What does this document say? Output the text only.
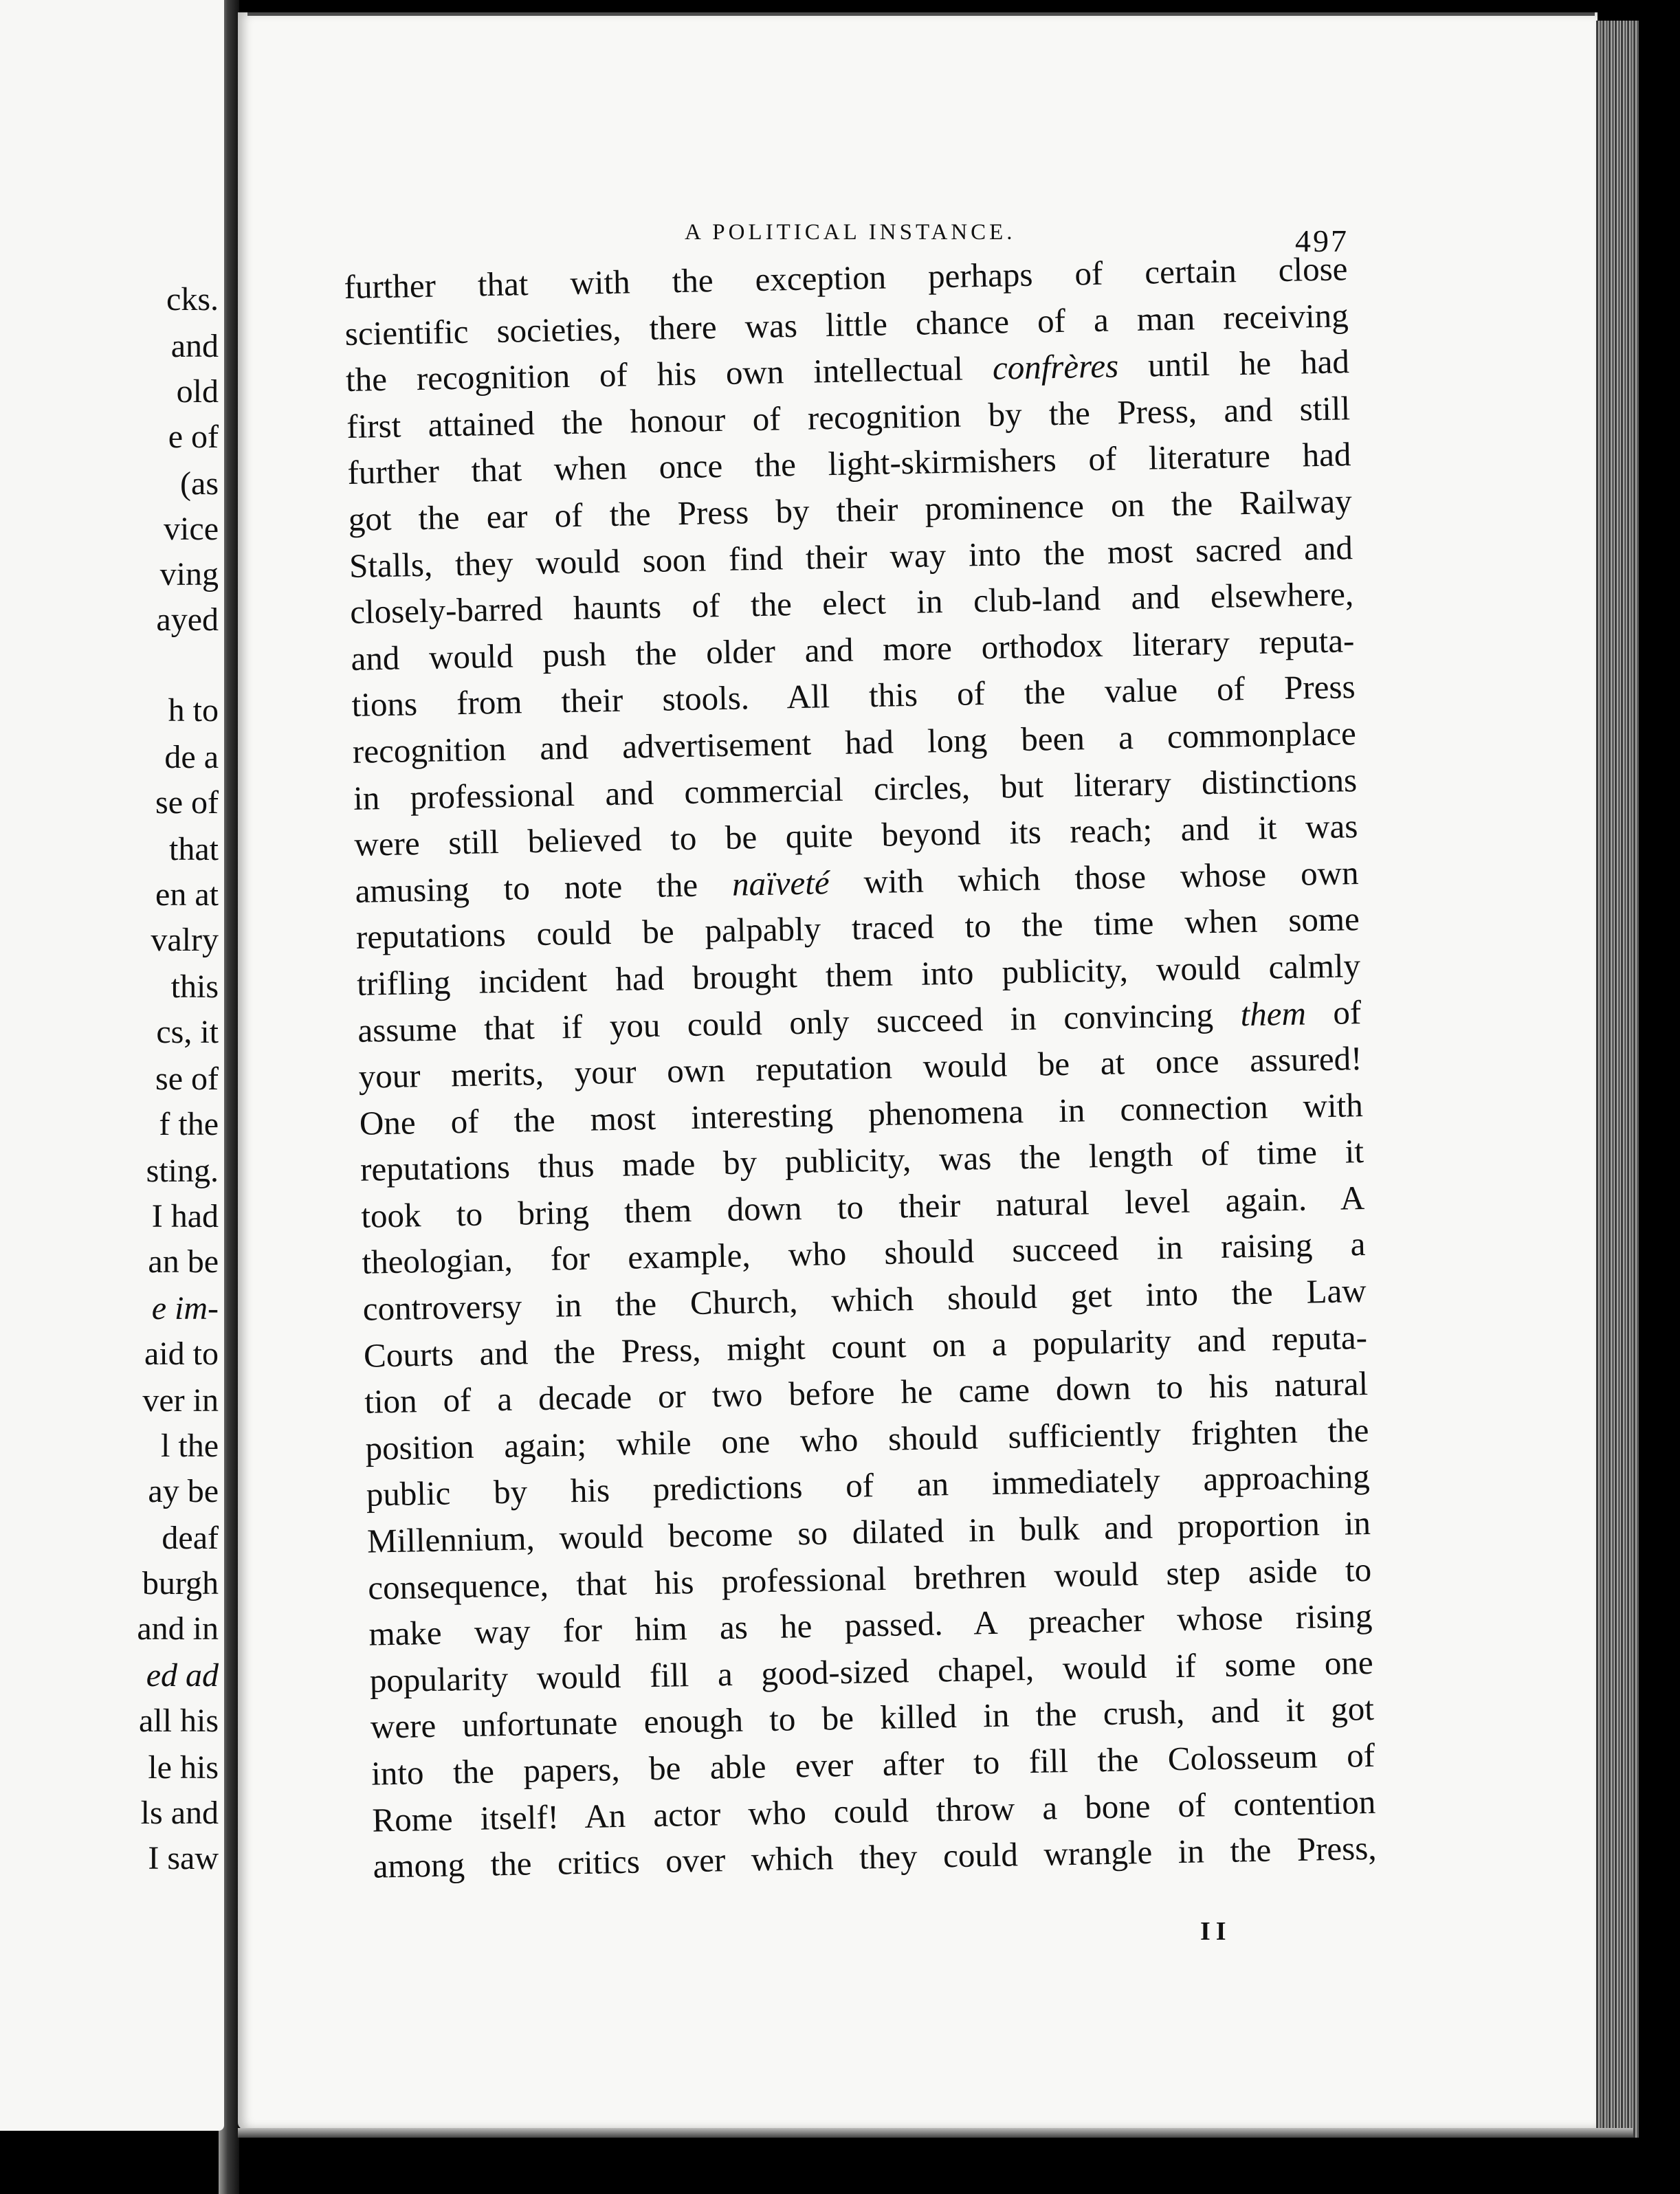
cks.
and
old
e of
(as
vice
ving
ayed
h to
de a
se of
that
en at
valry
this
cs, it
se of
f the
sting.
I had
an be
e im-
aid to
ver in
l the
ay be
deaf
burgh
and in
ed ad
all his
le his
ls and
I saw
A POLITICAL INSTANCE.	497
further that with the exception perhaps of certain close
scientific societies, there was little chance of a man receiving
the recognition of his own intellectual confrères until he had
first attained the honour of recognition by the Press, and still
further that when once the light-skirmishers of literature had
got the ear of the Press by their prominence on the Railway
Stalls, they would soon find their way into the most sacred and
closely-barred haunts of the elect in club-land and elsewhere,
and would push the older and more orthodox literary reputa-
tions from their stools. All this of the value of Press
recognition and advertisement had long been a commonplace
in professional and commercial circles, but literary distinctions
were still believed to be quite beyond its reach; and it was
amusing to note the naïveté with which those whose own
reputations could be palpably traced to the time when some
trifling incident had brought them into publicity, would calmly
assume that if you could only succeed in convincing them of
your merits, your own reputation would be at once assured!
One of the most interesting phenomena in connection with
reputations thus made by publicity, was the length of time it
took to bring them down to their natural level again. A
theologian, for example, who should succeed in raising a
controversy in the Church, which should get into the Law
Courts and the Press, might count on a popularity and reputa-
tion of a decade or two before he came down to his natural
position again; while one who should sufficiently frighten the
public by his predictions of an immediately approaching
Millennium, would become so dilated in bulk and proportion in
consequence, that his professional brethren would step aside to
make way for him as he passed. A preacher whose rising
popularity would fill a good-sized chapel, would if some one
were unfortunate enough to be killed in the crush, and it got
into the papers, be able ever after to fill the Colosseum of
Rome itself! An actor who could throw a bone of contention
among the critics over which they could wrangle in the Press,
II
